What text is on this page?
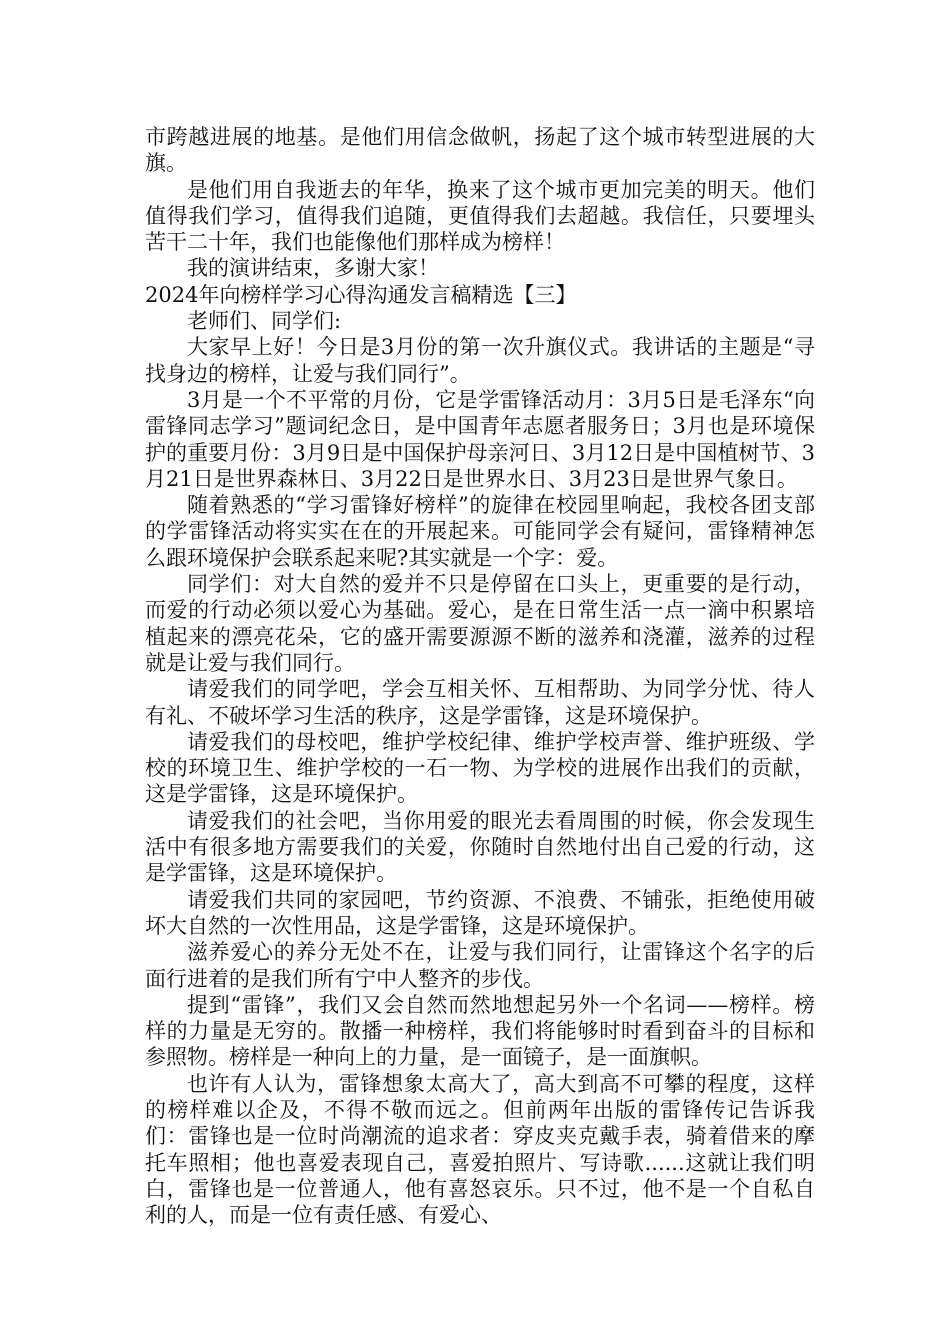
市跨越进展的地基。是他们用信念做帆，扬起了这个城市转型进展的大旗。

是他们用自我逝去的年华，换来了这个城市更加完美的明天。他们值得我们学习，值得我们追随，更值得我们去超越。我信任，只要埋头苦干二十年，我们也能像他们那样成为榜样！

我的演讲结束，多谢大家！

2024年向榜样学习心得沟通发言稿精选【三】

老师们、同学们:

大家早上好！今日是3月份的第一次升旗仪式。我讲话的主题是“寻找身边的榜样，让爱与我们同行”。

3月是一个不平常的月份，它是学雷锋活动月：3月5日是毛泽东“向雷锋同志学习”题词纪念日，是中国青年志愿者服务日；3月也是环境保护的重要月份：3月9日是中国保护母亲河日、3月12日是中国植树节、3月21日是世界森林日、3月22日是世界水日、3月23日是世界气象日。

随着熟悉的“学习雷锋好榜样”的旋律在校园里响起，我校各团支部的学雷锋活动将实实在在的开展起来。可能同学会有疑问，雷锋精神怎么跟环境保护会联系起来呢?其实就是一个字：爱。

同学们：对大自然的爱并不只是停留在口头上，更重要的是行动，而爱的行动必须以爱心为基础。爱心，是在日常生活一点一滴中积累培植起来的漂亮花朵，它的盛开需要源源不断的滋养和浇灌，滋养的过程就是让爱与我们同行。

请爱我们的同学吧，学会互相关怀、互相帮助、为同学分忧、待人有礼、不破坏学习生活的秩序，这是学雷锋，这是环境保护。

请爱我们的母校吧，维护学校纪律、维护学校声誉、维护班级、学校的环境卫生、维护学校的一石一物、为学校的进展作出我们的贡献，这是学雷锋，这是环境保护。

请爱我们的社会吧，当你用爱的眼光去看周围的时候，你会发现生活中有很多地方需要我们的关爱，你随时自然地付出自己爱的行动，这是学雷锋，这是环境保护。

请爱我们共同的家园吧，节约资源、不浪费、不铺张，拒绝使用破坏大自然的一次性用品，这是学雷锋，这是环境保护。

滋养爱心的养分无处不在，让爱与我们同行，让雷锋这个名字的后面行进着的是我们所有宁中人整齐的步伐。

提到“雷锋”，我们又会自然而然地想起另外一个名词——榜样。榜样的力量是无穷的。散播一种榜样，我们将能够时时看到奋斗的目标和参照物。榜样是一种向上的力量，是一面镜子，是一面旗帜。

也许有人认为，雷锋想象太高大了，高大到高不可攀的程度，这样的榜样难以企及，不得不敬而远之。但前两年出版的雷锋传记告诉我们：雷锋也是一位时尚潮流的追求者：穿皮夹克戴手表，骑着借来的摩托车照相；他也喜爱表现自己，喜爱拍照片、写诗歌......这就让我们明白，雷锋也是一位普通人，他有喜怒哀乐。只不过，他不是一个自私自利的人，而是一位有责任感、有爱心、
